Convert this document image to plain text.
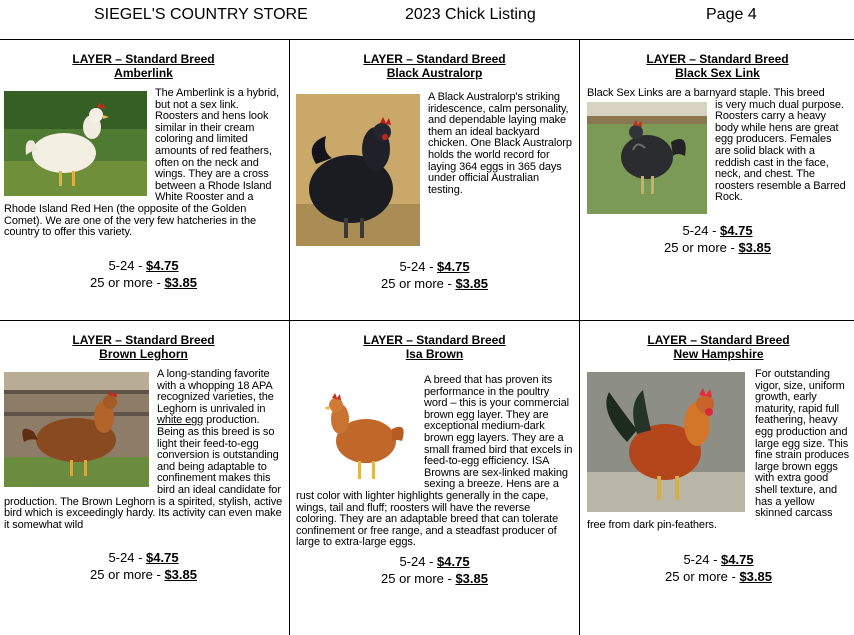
SIEGEL'S COUNTRY STORE	2023 Chick Listing	Page 4
LAYER – Standard Breed
Amberlink
The Amberlink is a hybrid, but not a sex link. Roosters and hens look similar in their cream coloring and limited amounts of red feathers, often on the neck and wings. They are a cross between a Rhode Island White Rooster and a Rhode Island Red Hen (the opposite of the Golden Comet). We are one of the very few hatcheries in the country to offer this variety.
5-24 - $4.75
25 or more - $3.85
LAYER – Standard Breed
Black Australorp
A Black Australorp's striking iridescence, calm personality, and dependable laying make them an ideal backyard chicken. One Black Australorp holds the world record for laying 364 eggs in 365 days under official Australian testing.
5-24 - $4.75
25 or more - $3.85
LAYER – Standard Breed
Black Sex Link
Black Sex Links are a barnyard staple. This breed
is very much dual purpose. Roosters carry a heavy body while hens are great egg producers. Females are solid black with a reddish cast in the face, neck, and chest. The roosters resemble a Barred Rock.
5-24 - $4.75
25 or more - $3.85
LAYER – Standard Breed
Brown Leghorn
A long-standing favorite with a whopping 18 APA recognized varieties, the Leghorn is unrivaled in white egg production. Being as this breed is so light their feed-to-egg conversion is outstanding and being adaptable to confinement makes this bird an ideal candidate for production. The Brown Leghorn is a spirited, stylish, active bird which is exceedingly hardy. Its activity can even make it somewhat wild
5-24 - $4.75
25 or more - $3.85
LAYER – Standard Breed
Isa Brown
A breed that has proven its performance in the poultry word – this is your commercial brown egg layer. They are exceptional medium-dark brown egg layers. They are a small framed bird that excels in feed-to-egg efficiency. ISA Browns are sex-linked making sexing a breeze. Hens are a rust color with lighter highlights generally in the cape, wings, tail and fluff; roosters will have the reverse coloring. They are an adaptable breed that can tolerate confinement or free range, and a steadfast producer of large to extra-large eggs.
5-24 - $4.75
25 or more - $3.85
LAYER – Standard Breed
New Hampshire
For outstanding vigor, size, uniform growth, early maturity, rapid full feathering, heavy egg production and large egg size. This fine strain produces large brown eggs with extra good shell texture, and has a yellow skinned carcass free from dark pin-feathers.
5-24 - $4.75
25 or more - $3.85
